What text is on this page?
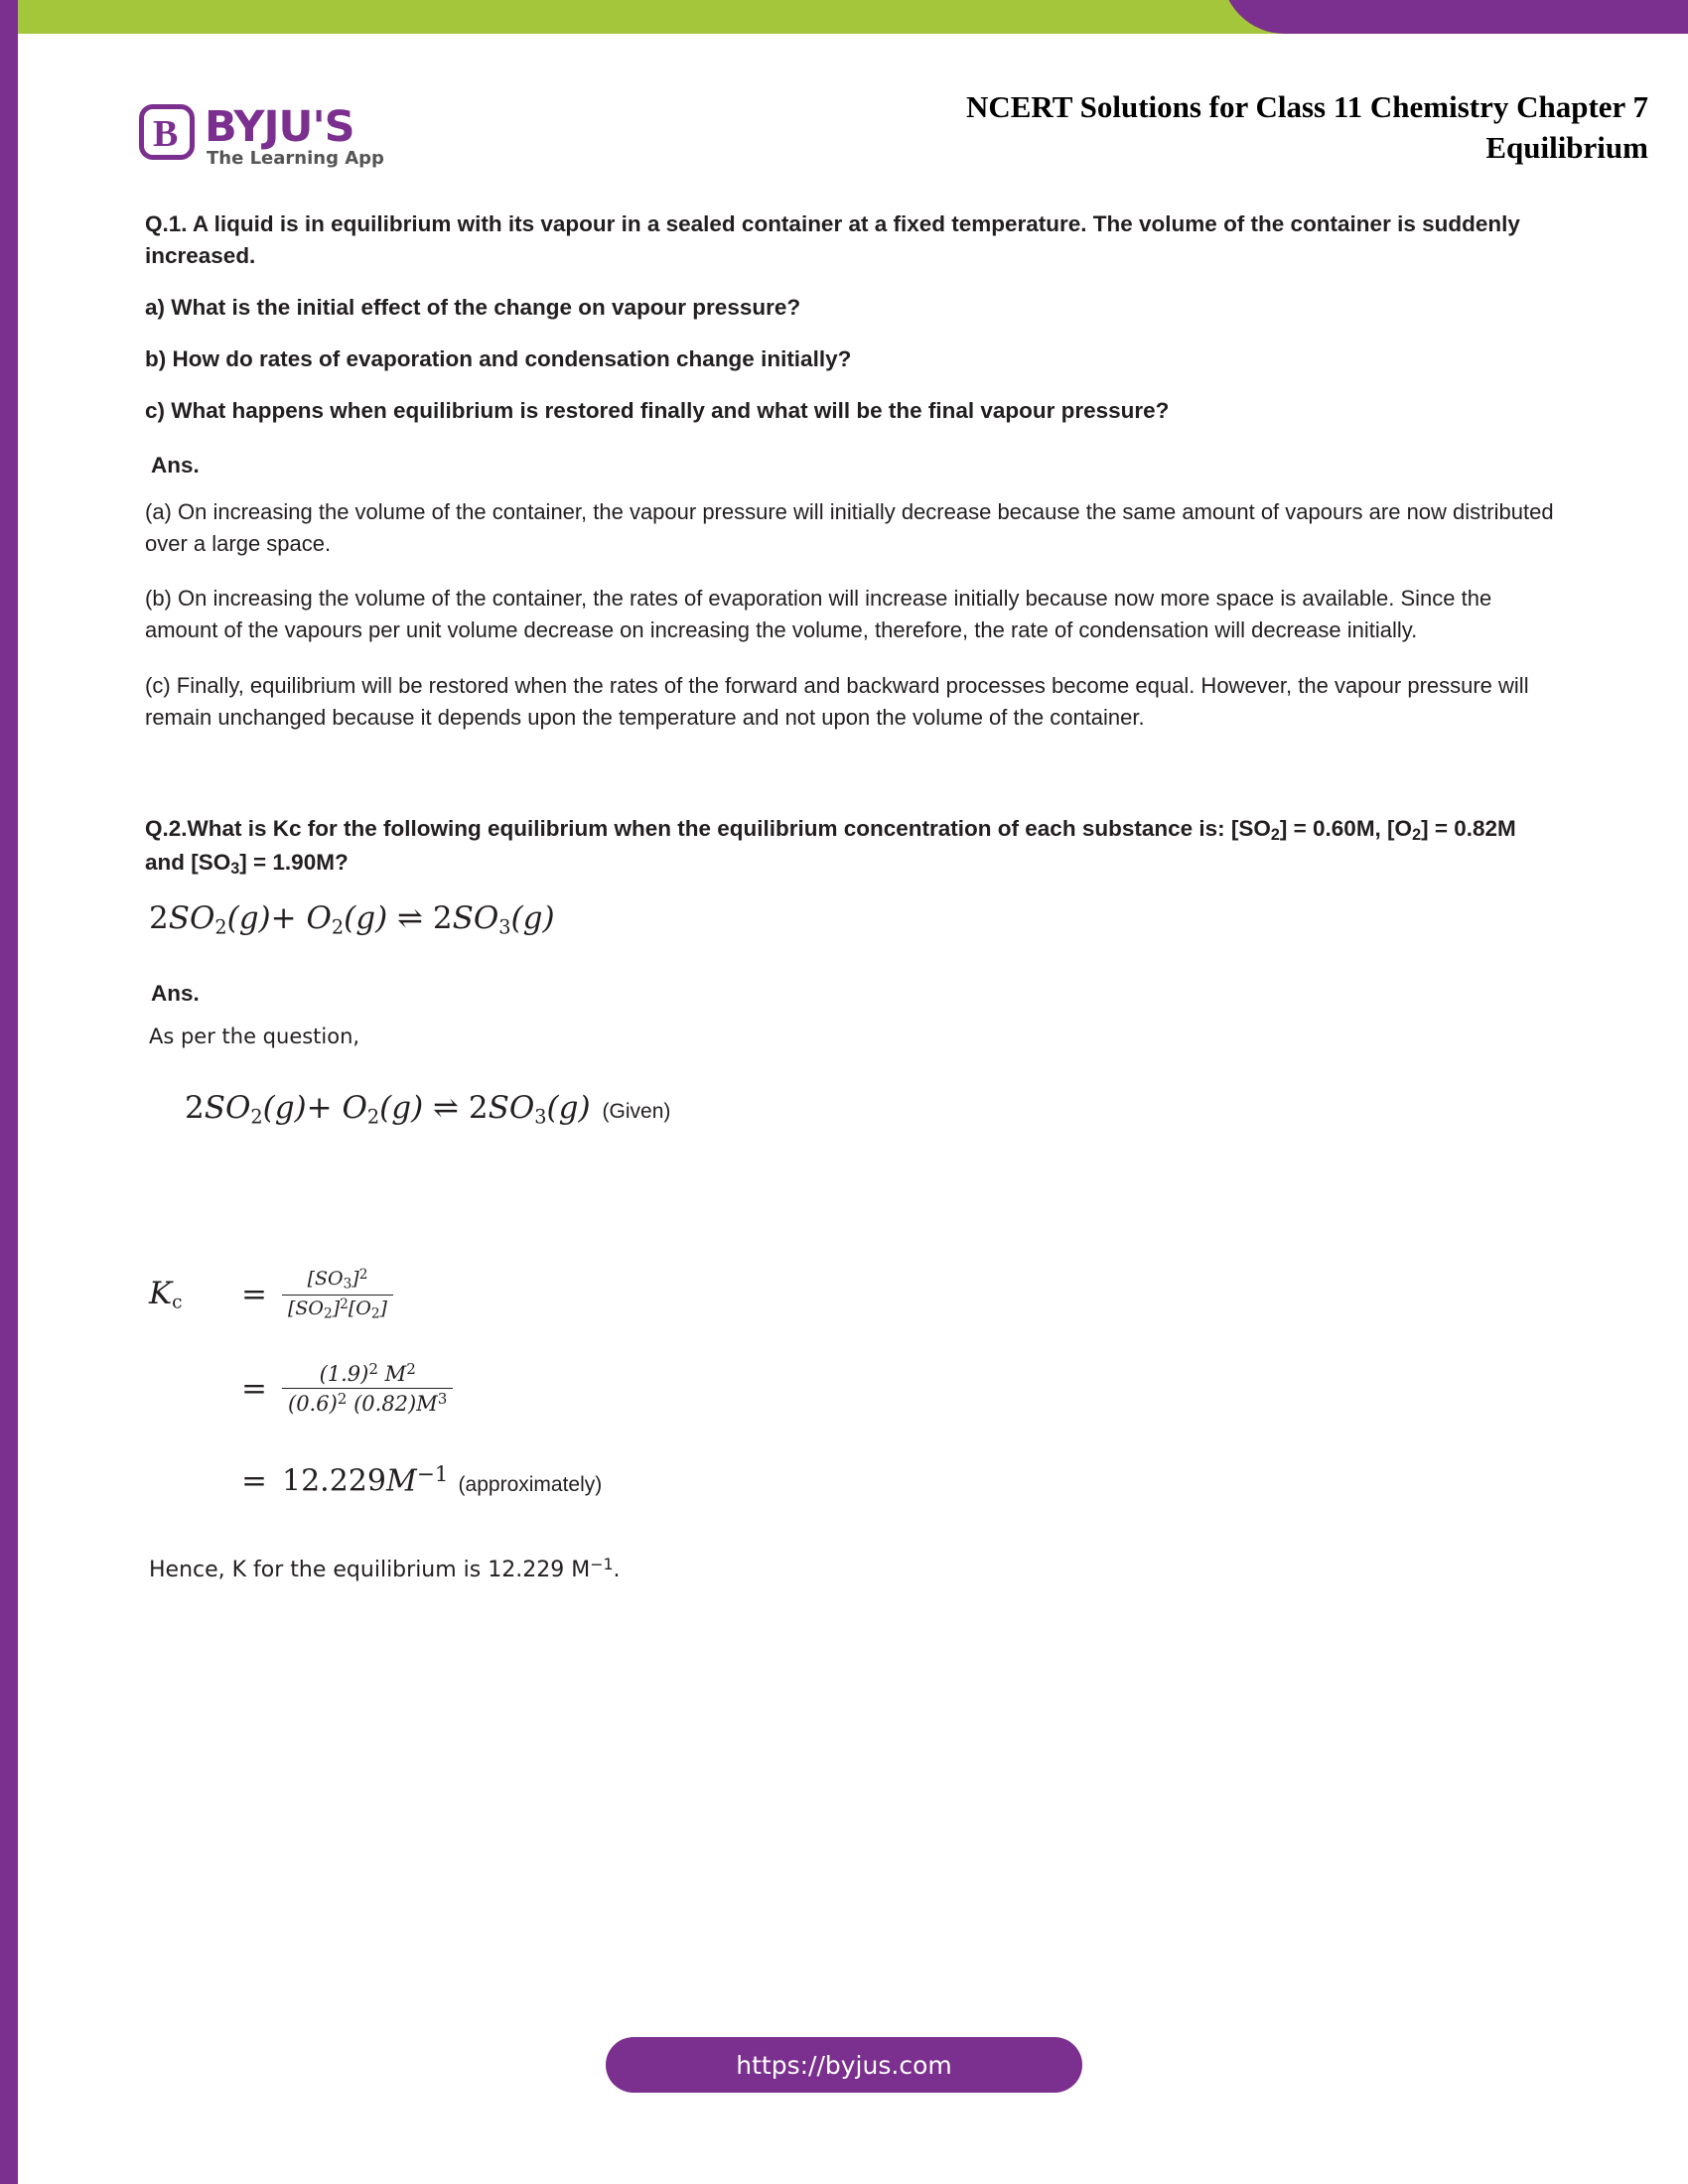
B BYJU'S
The Learning App
NCERT Solutions for Class 11 Chemistry Chapter 7
Equilibrium

Q.1. A liquid is in equilibrium with its vapour in a sealed container at a fixed temperature. The volume of the container is suddenly increased.

a) What is the initial effect of the change on vapour pressure?

b) How do rates of evaporation and condensation change initially?

c) What happens when equilibrium is restored finally and what will be the final vapour pressure?

Ans.

(a) On increasing the volume of the container, the vapour pressure will initially decrease because the same amount of vapours are now distributed over a large space.

(b) On increasing the volume of the container, the rates of evaporation will increase initially because now more space is available. Since the amount of the vapours per unit volume decrease on increasing the volume, therefore, the rate of condensation will decrease initially.

(c) Finally, equilibrium will be restored when the rates of the forward and backward processes become equal. However, the vapour pressure will remain unchanged because it depends upon the temperature and not upon the volume of the container.

Q.2.What is Kc for the following equilibrium when the equilibrium concentration of each substance is: $[SO_2] = 0.60M$, $[O_2] = 0.82M$ and $[SO_3] = 1.90M$?

$2SO_2(g)+ O_2(g)$ ⇌ $2SO_3(g)$
Ans.

As per the question,

$2SO_2(g)+ O_2(g)$ ⇌ $2SO_3(g)$ (Given)
$K_c$	= $\frac{[SO_3]^2}{[SO_2]^2[O_2]}$
= $\frac{(1.9)^2 M^2}{(0.6)^2 (0.82)M^3}$
= $12.229M^{-1}$ (approximately)

Hence, K for the equilibrium is 12.229 $M^{-1}$.

https://byjus.com
